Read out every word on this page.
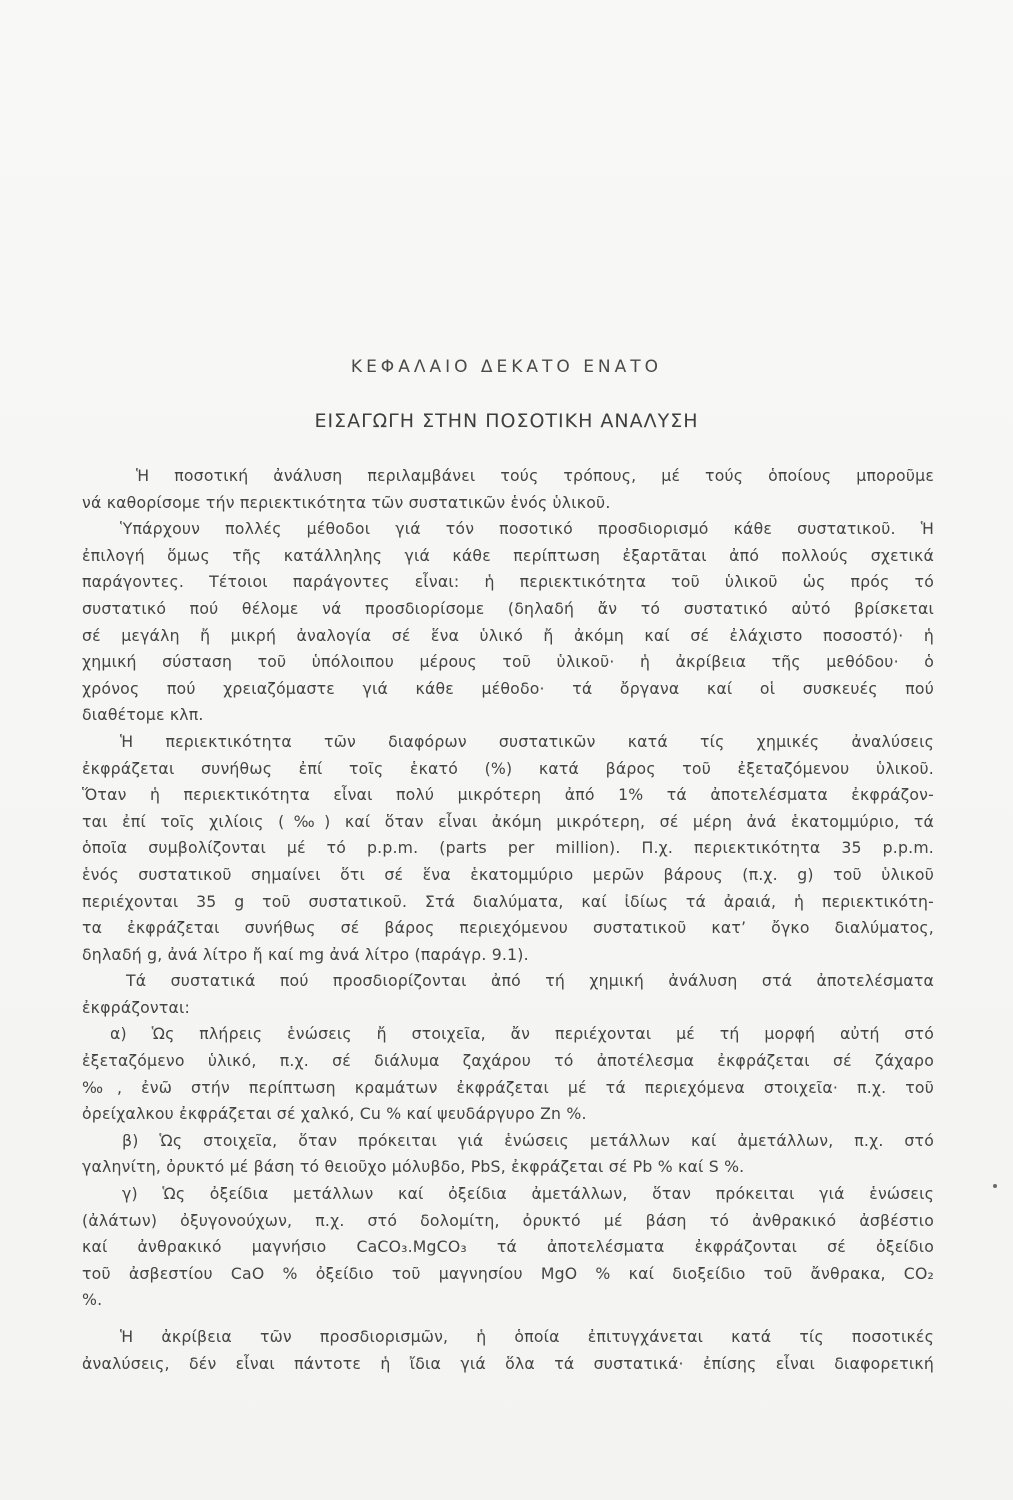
ΚΕΦΑΛΑΙΟ ΔΕΚΑΤΟ ΕΝΑΤΟ
ΕΙΣΑΓΩΓΗ ΣΤΗΝ ΠΟΣΟΤΙΚΗ ΑΝΑΛΥΣΗ
Ἡ ποσοτική ἀνάλυση περιλαμβάνει τούς τρόπους, μέ τούς ὁποίους μποροῦμε
νά καθορίσομε τήν περιεκτικότητα τῶν συστατικῶν ἑνός ὑλικοῦ.
Ὑπάρχουν πολλές μέθοδοι γιά τόν ποσοτικό προσδιορισμό κάθε συστατικοῦ. Ἡ
ἐπιλογή ὅμως τῆς κατάλληλης γιά κάθε περίπτωση ἐξαρτᾶται ἀπό πολλούς σχετικά
παράγοντες. Τέτοιοι παράγοντες εἶναι: ἡ περιεκτικότητα τοῦ ὑλικοῦ ὡς πρός τό
συστατικό πού θέλομε νά προσδιορίσομε (δηλαδή ἄν τό συστατικό αὐτό βρίσκεται
σέ μεγάλη ἤ μικρή ἀναλογία σέ ἕνα ὑλικό ἤ ἀκόμη καί σέ ἐλάχιστο ποσοστό)· ἡ
χημική σύσταση τοῦ ὑπόλοιπου μέρους τοῦ ὑλικοῦ· ἡ ἀκρίβεια τῆς μεθόδου· ὁ
χρόνος πού χρειαζόμαστε γιά κάθε μέθοδο· τά ὄργανα καί οἱ συσκευές πού
διαθέτομε κλπ.
Ἡ περιεκτικότητα τῶν διαφόρων συστατικῶν κατά τίς χημικές ἀναλύσεις
ἐκφράζεται συνήθως ἐπί τοῖς ἑκατό (%) κατά βάρος τοῦ ἐξεταζόμενου ὑλικοῦ.
Ὅταν ἡ περιεκτικότητα εἶναι πολύ μικρότερη ἀπό 1% τά ἀποτελέσματα ἐκφράζον-
ται ἐπί τοῖς χιλίοις (‰) καί ὅταν εἶναι ἀκόμη μικρότερη, σέ μέρη ἀνά ἑκατομμύριο, τά
ὁποῖα συμβολίζονται μέ τό p.p.m. (parts per million). Π.χ. περιεκτικότητα 35 p.p.m.
ἑνός συστατικοῦ σημαίνει ὅτι σέ ἕνα ἑκατομμύριο μερῶν βάρους (π.χ. g) τοῦ ὑλικοῦ
περιέχονται 35 g τοῦ συστατικοῦ. Στά διαλύματα, καί ἰδίως τά ἀραιά, ἡ περιεκτικότη-
τα ἐκφράζεται συνήθως σέ βάρος περιεχόμενου συστατικοῦ κατ’ ὄγκο διαλύματος,
δηλαδή g, ἀνά λίτρο ἤ καί mg ἀνά λίτρο (παράγρ. 9.1).
Τά συστατικά πού προσδιορίζονται ἀπό τή χημική ἀνάλυση στά ἀποτελέσματα
ἐκφράζονται:
α) Ὡς πλήρεις ἑνώσεις ἤ στοιχεῖα, ἄν περιέχονται μέ τή μορφή αὐτή στό
ἐξεταζόμενο ὑλικό, π.χ. σέ διάλυμα ζαχάρου τό ἀποτέλεσμα ἐκφράζεται σέ ζάχαρο
‰, ἐνῶ στήν περίπτωση κραμάτων ἐκφράζεται μέ τά περιεχόμενα στοιχεῖα· π.χ. τοῦ
ὀρείχαλκου ἐκφράζεται σέ χαλκό, Cu % καί ψευδάργυρο Zn %.
β) Ὡς στοιχεῖα, ὅταν πρόκειται γιά ἑνώσεις μετάλλων καί ἀμετάλλων, π.χ. στό
γαληνίτη, ὀρυκτό μέ βάση τό θειοῦχο μόλυβδο, PbS, ἐκφράζεται σέ Pb % καί S %.
γ) Ὡς ὀξείδια μετάλλων καί ὀξείδια ἀμετάλλων, ὅταν πρόκειται γιά ἑνώσεις
(ἀλάτων) ὀξυγονούχων, π.χ. στό δολομίτη, ὀρυκτό μέ βάση τό ἀνθρακικό ἀσβέστιο
καί ἀνθρακικό μαγνήσιο CaCO₃.MgCO₃ τά ἀποτελέσματα ἐκφράζονται σέ ὀξείδιο
τοῦ ἀσβεστίου CaO % ὀξείδιο τοῦ μαγνησίου MgO % καί διοξείδιο τοῦ ἄνθρακα, CO₂
%.
Ἡ ἀκρίβεια τῶν προσδιορισμῶν, ἡ ὁποία ἐπιτυγχάνεται κατά τίς ποσοτικές
ἀναλύσεις, δέν εἶναι πάντοτε ἡ ἴδια γιά ὅλα τά συστατικά· ἐπίσης εἶναι διαφορετική
